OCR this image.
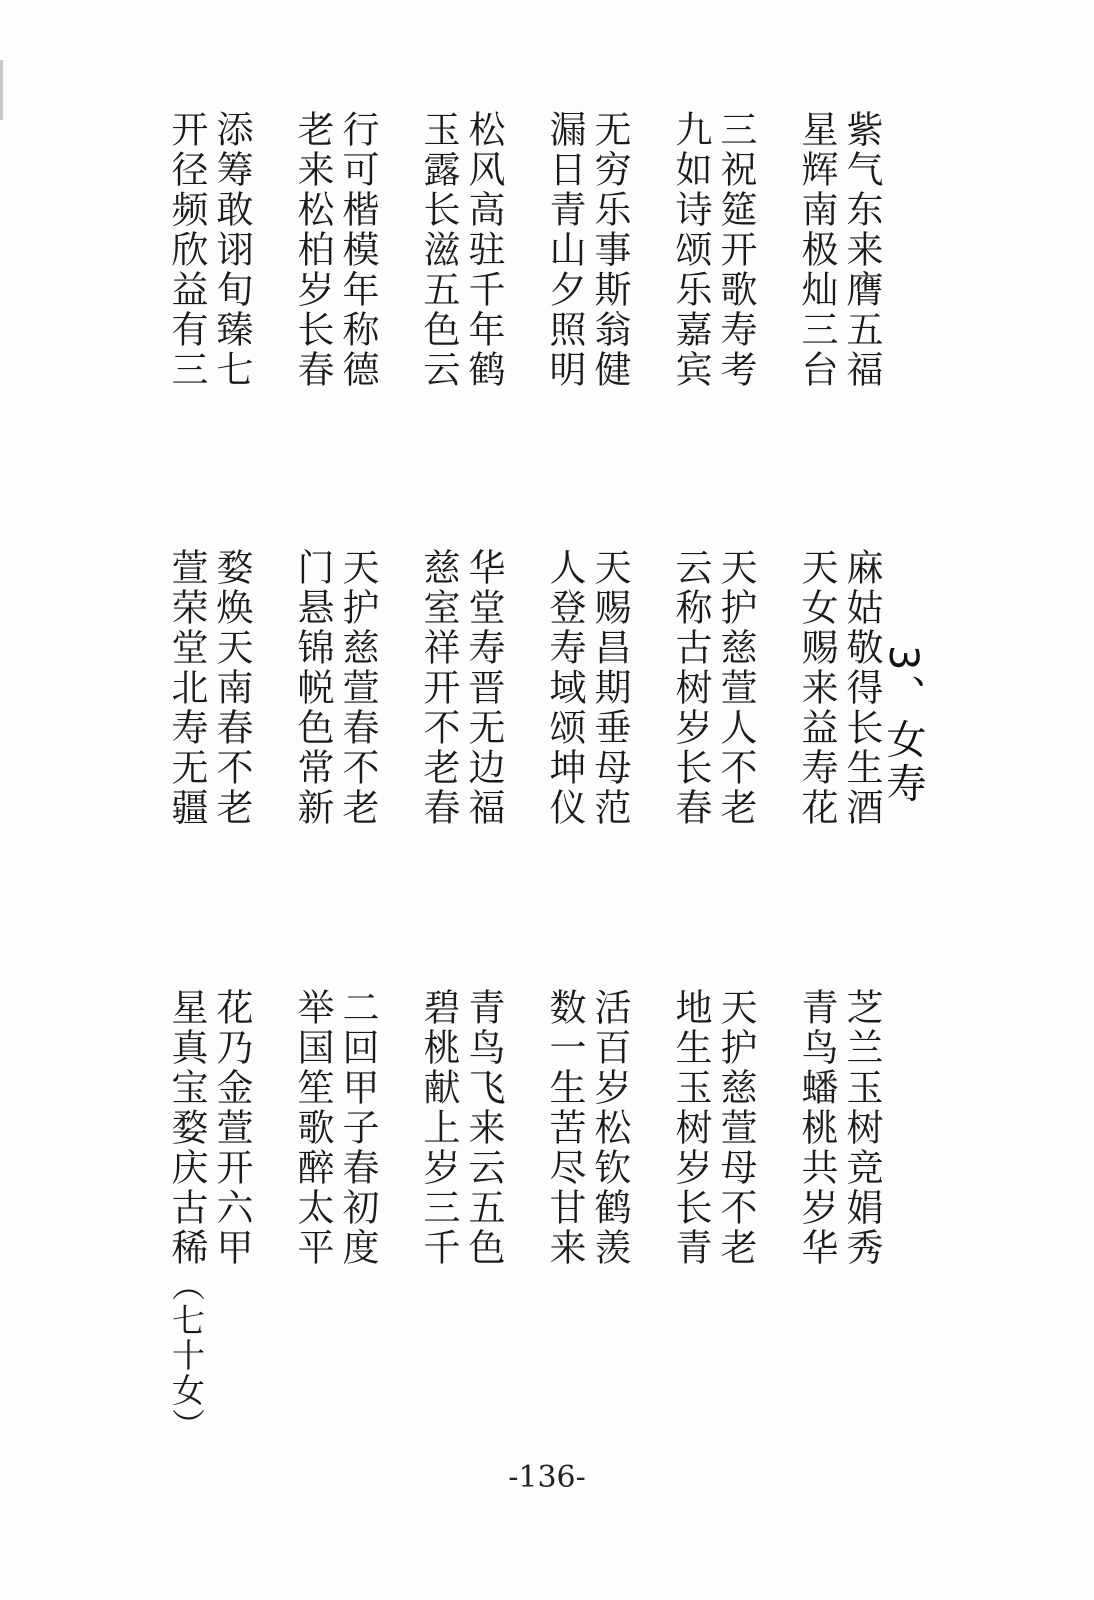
3、女寿
紫气东来膺五福
星辉南极灿三台
三祝筵开歌寿考
九如诗颂乐嘉宾
无穷乐事斯翁健
漏日青山夕照明
松风高驻千年鹤
玉露长滋五色云
行可楷模年称德
老来松柏岁长春
添筹敢诩旬臻七
开径频欣益有三
麻姑敬得长生酒
天女赐来益寿花
天护慈萱人不老
云称古树岁长春
天赐昌期垂母范
人登寿域颂坤仪
华堂寿晋无边福
慈室祥开不老春
天护慈萱春不老
门悬锦帨色常新
婺焕天南春不老
萱荣堂北寿无疆
芝兰玉树竞娟秀
青鸟蟠桃共岁华
天护慈萱母不老
地生玉树岁长青
活百岁松钦鹤羡
数一生苦尽甘来
青鸟飞来云五色
碧桃献上岁三千
二回甲子春初度
举国笙歌醉太平
花乃金萱开六甲
星真宝婺庆古稀（七十女）
-136-
